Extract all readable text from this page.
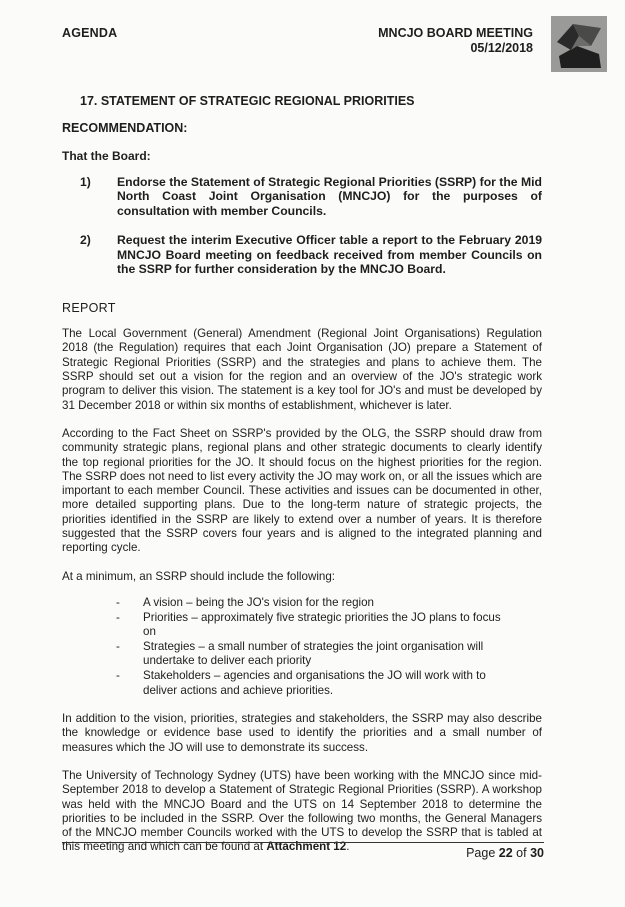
AGENDA	MNCJO BOARD MEETING
05/12/2018
17. STATEMENT OF STRATEGIC REGIONAL PRIORITIES
RECOMMENDATION:
That the Board:
1)	Endorse the Statement of Strategic Regional Priorities (SSRP) for the Mid North Coast Joint Organisation (MNCJO) for the purposes of consultation with member Councils.
2)	Request the interim Executive Officer table a report to the February 2019 MNCJO Board meeting on feedback received from member Councils on the SSRP for further consideration by the MNCJO Board.
REPORT

The Local Government (General) Amendment (Regional Joint Organisations) Regulation 2018 (the Regulation) requires that each Joint Organisation (JO) prepare a Statement of Strategic Regional Priorities (SSRP) and the strategies and plans to achieve them. The SSRP should set out a vision for the region and an overview of the JO's strategic work program to deliver this vision. The statement is a key tool for JO's and must be developed by 31 December 2018 or within six months of establishment, whichever is later.

According to the Fact Sheet on SSRP's provided by the OLG, the SSRP should draw from community strategic plans, regional plans and other strategic documents to clearly identify the top regional priorities for the JO. It should focus on the highest priorities for the region. The SSRP does not need to list every activity the JO may work on, or all the issues which are important to each member Council. These activities and issues can be documented in other, more detailed supporting plans. Due to the long-term nature of strategic projects, the priorities identified in the SSRP are likely to extend over a number of years. It is therefore suggested that the SSRP covers four years and is aligned to the integrated planning and reporting cycle.

At a minimum, an SSRP should include the following:

-	A vision – being the JO's vision for the region
-	Priorities – approximately five strategic priorities the JO plans to focus on
-	Strategies – a small number of strategies the joint organisation will undertake to deliver each priority
-	Stakeholders – agencies and organisations the JO will work with to deliver actions and achieve priorities.

In addition to the vision, priorities, strategies and stakeholders, the SSRP may also describe the knowledge or evidence base used to identify the priorities and a small number of measures which the JO will use to demonstrate its success.

The University of Technology Sydney (UTS) have been working with the MNCJO since mid-September 2018 to develop a Statement of Strategic Regional Priorities (SSRP). A workshop was held with the MNCJO Board and the UTS on 14 September 2018 to determine the priorities to be included in the SSRP. Over the following two months, the General Managers of the MNCJO member Councils worked with the UTS to develop the SSRP that is tabled at this meeting and which can be found at Attachment 12.	Page 22 of 30
